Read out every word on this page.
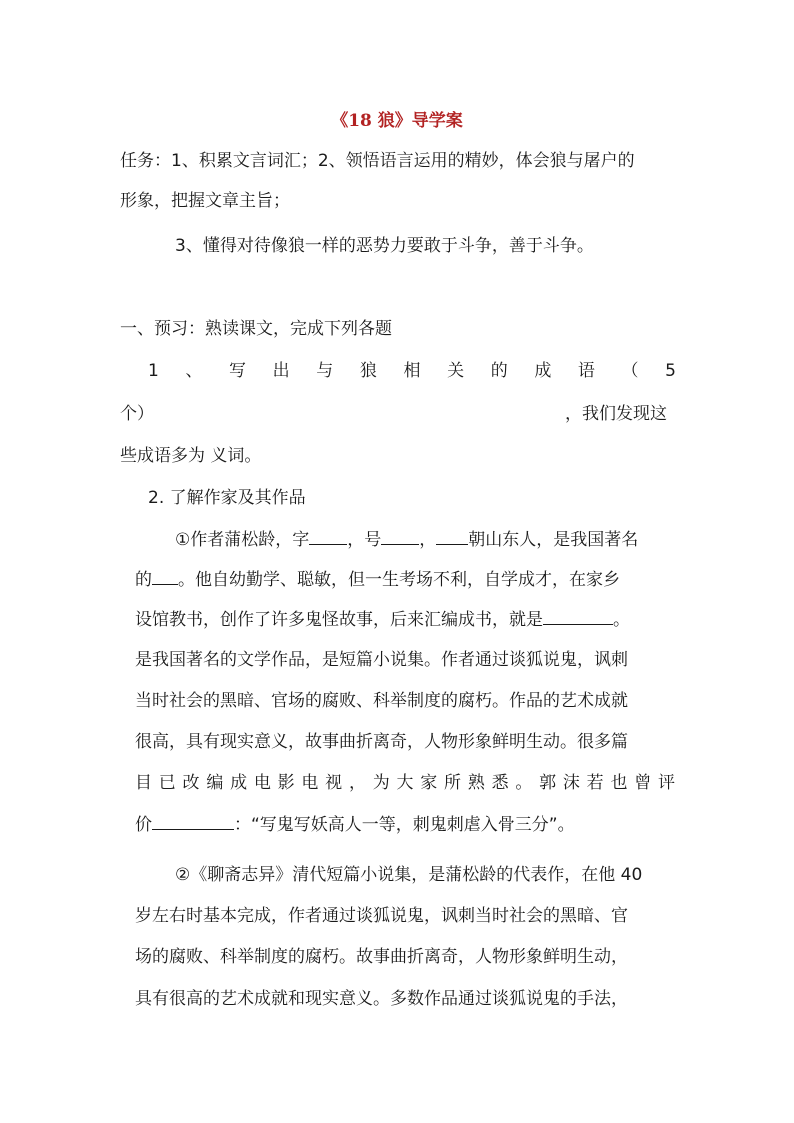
《18 狼》导学案
任务：1、积累文言词汇；2、领悟语言运用的精妙，体会狼与屠户的
形象，把握文章主旨；
3、懂得对待像狼一样的恶势力要敢于斗争，善于斗争。
一、预习：熟读课文，完成下列各题
1 、 写 出 与 狼 相 关 的 成 语 （ 5
个）	，我们发现这
些成语多为 义词。
2. 了解作家及其作品
①作者蒲松龄，字 ，号 ， 朝山东人，是我国著名
的 。他自幼勤学、聪敏，但一生考场不利，自学成才，在家乡
设馆教书，创作了许多鬼怪故事，后来汇编成书，就是	。
是我国著名的文学作品，是短篇小说集。作者通过谈狐说鬼，讽刺
当时社会的黑暗、官场的腐败、科举制度的腐朽。作品的艺术成就
很高，具有现实意义，故事曲折离奇，人物形象鲜明生动。很多篇
目已改编成电影电视，为大家所熟悉。郭沫若也曾评
价	：“写鬼写妖高人一等，刺鬼刺虐入骨三分”。
②《聊斋志异》清代短篇小说集，是蒲松龄的代表作，在他 40
岁左右时基本完成，作者通过谈狐说鬼，讽刺当时社会的黑暗、官
场的腐败、科举制度的腐朽。故事曲折离奇，人物形象鲜明生动，
具有很高的艺术成就和现实意义。多数作品通过谈狐说鬼的手法，
